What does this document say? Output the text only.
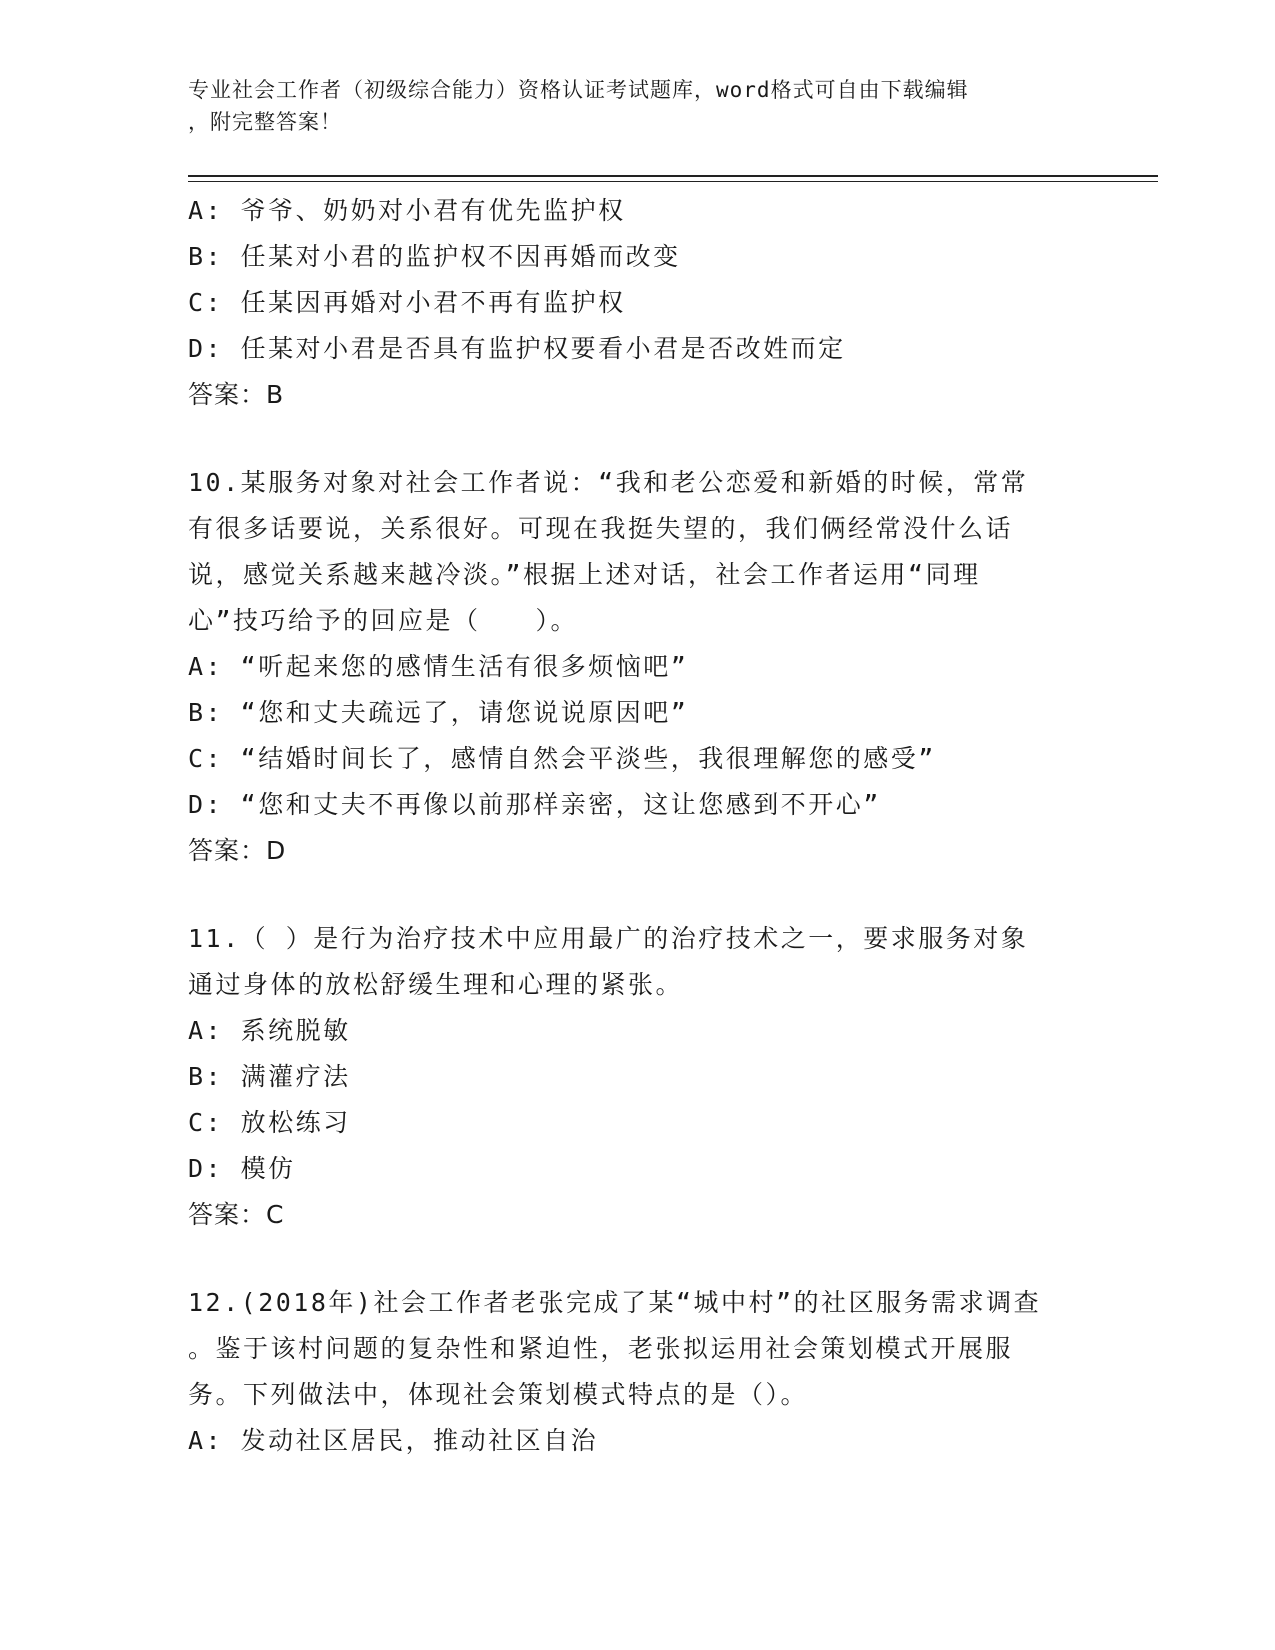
专业社会工作者（初级综合能力）资格认证考试题库，word格式可自由下载编辑
，附完整答案！
A: 爷爷、奶奶对小君有优先监护权
B: 任某对小君的监护权不因再婚而改变
C: 任某因再婚对小君不再有监护权
D: 任某对小君是否具有监护权要看小君是否改姓而定
答案：B
10.某服务对象对社会工作者说：“我和老公恋爱和新婚的时候，常常
有很多话要说，关系很好。可现在我挺失望的，我们俩经常没什么话
说，感觉关系越来越冷淡。”根据上述对话，社会工作者运用“同理
心”技巧给予的回应是（　　）。
A: “听起来您的感情生活有很多烦恼吧”
B: “您和丈夫疏远了，请您说说原因吧”
C: “结婚时间长了，感情自然会平淡些，我很理解您的感受”
D: “您和丈夫不再像以前那样亲密，这让您感到不开心”
答案：D
11.（ ）是行为治疗技术中应用最广的治疗技术之一，要求服务对象
通过身体的放松舒缓生理和心理的紧张。
A: 系统脱敏
B: 满灌疗法
C: 放松练习
D: 模仿
答案：C
12.(2018年)社会工作者老张完成了某“城中村”的社区服务需求调查
。鉴于该村问题的复杂性和紧迫性，老张拟运用社会策划模式开展服
务。下列做法中，体现社会策划模式特点的是（）。
A: 发动社区居民，推动社区自治
